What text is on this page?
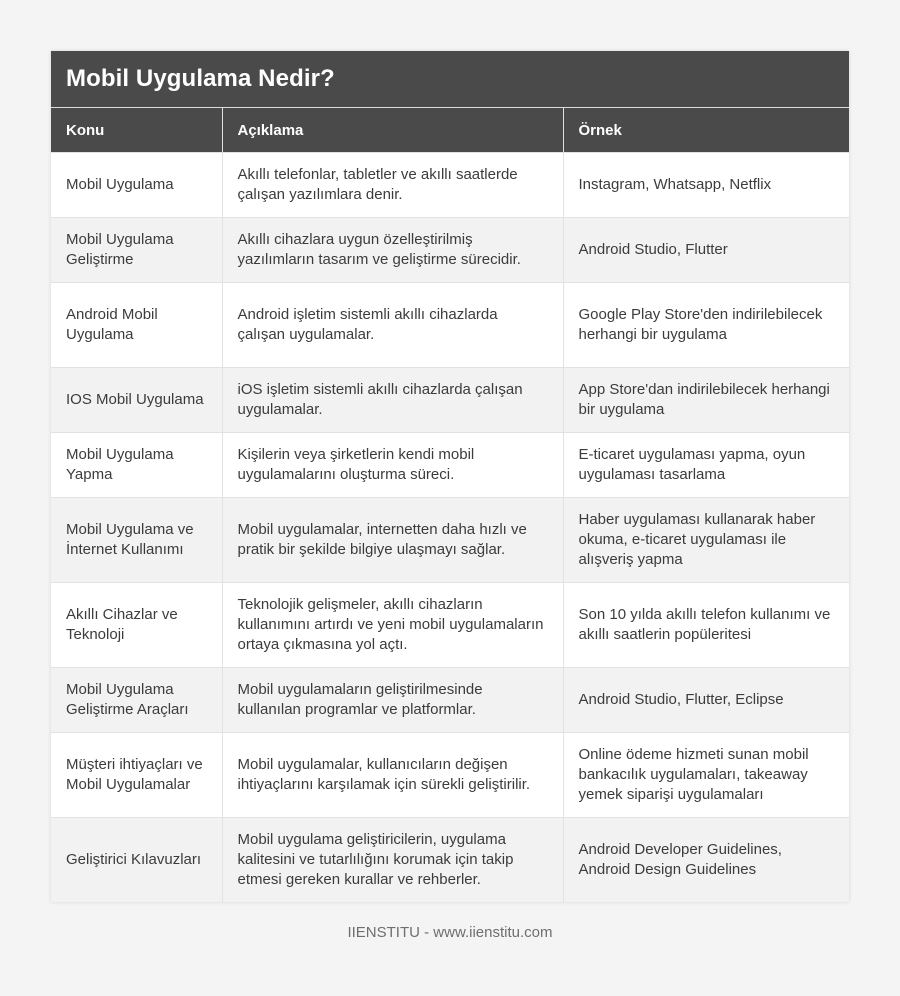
Mobil Uygulama Nedir?
Konu	Açıklama	Örnek
Mobil Uygulama	Akıllı telefonlar, tabletler ve akıllı saatlerde çalışan yazılımlara denir.	Instagram, Whatsapp, Netflix
Mobil Uygulama Geliştirme	Akıllı cihazlara uygun özelleştirilmiş yazılımların tasarım ve geliştirme sürecidir.	Android Studio, Flutter
Android Mobil Uygulama	Android işletim sistemli akıllı cihazlarda çalışan uygulamalar.	Google Play Store'den indirilebilecek herhangi bir uygulama
IOS Mobil Uygulama	iOS işletim sistemli akıllı cihazlarda çalışan uygulamalar.	App Store'dan indirilebilecek herhangi bir uygulama
Mobil Uygulama Yapma	Kişilerin veya şirketlerin kendi mobil uygulamalarını oluşturma süreci.	E-ticaret uygulaması yapma, oyun uygulaması tasarlama
Mobil Uygulama ve İnternet Kullanımı	Mobil uygulamalar, internetten daha hızlı ve pratik bir şekilde bilgiye ulaşmayı sağlar.	Haber uygulaması kullanarak haber okuma, e-ticaret uygulaması ile alışveriş yapma
Akıllı Cihazlar ve Teknoloji	Teknolojik gelişmeler, akıllı cihazların kullanımını artırdı ve yeni mobil uygulamaların ortaya çıkmasına yol açtı.	Son 10 yılda akıllı telefon kullanımı ve akıllı saatlerin popüleritesi
Mobil Uygulama Geliştirme Araçları	Mobil uygulamaların geliştirilmesinde kullanılan programlar ve platformlar.	Android Studio, Flutter, Eclipse
Müşteri ihtiyaçları ve Mobil Uygulamalar	Mobil uygulamalar, kullanıcıların değişen ihtiyaçlarını karşılamak için sürekli geliştirilir.	Online ödeme hizmeti sunan mobil bankacılık uygulamaları, takeaway yemek siparişi uygulamaları
Geliştirici Kılavuzları	Mobil uygulama geliştiricilerin, uygulama kalitesini ve tutarlılığını korumak için takip etmesi gereken kurallar ve rehberler.	Android Developer Guidelines, Android Design Guidelines
IIENSTITU - www.iienstitu.com
